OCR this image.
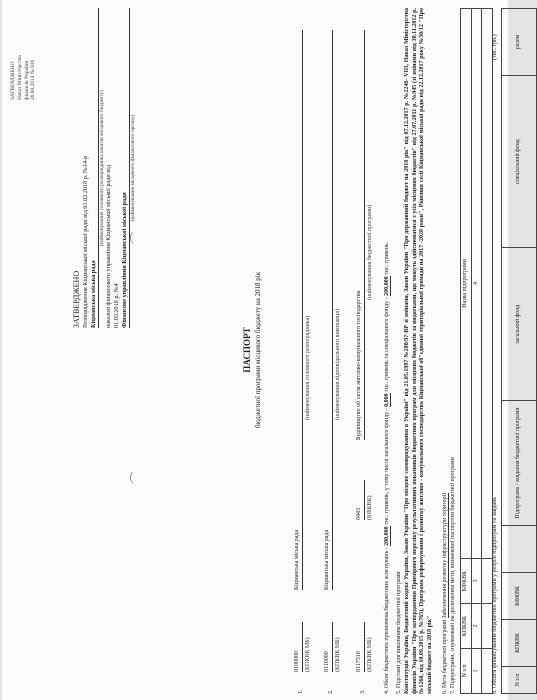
ЗАТВЕРДЖЕНО Наказ Міністерства фінансів України 26.08.2014 № 836
ЗАТВЕРДЖЕНО Розпорядження Кіцманської міської ради від 01.02.2018 р. №14-р Кіцманська міська рада
(найменування головного розпорядника коштів місцевого бюджету) наказом фінансового управління Кіцманської міської ради від 01.02.2018 р. №4 Фінансове управління Кіцманської міської ради
(найменування місцевого фінансового органу)
ПАСПОРТ бюджетної програми місцевого бюджету на 2018 рік
1.
0100000
Кіцманська міська рада
(КПКВК МБ)
(найменування головного розпорядника)
2.
0110000
Кіцманська міська рада
(КПКВК МБ)
(найменування відповідального виконавця)
3.
0117310
0443
Будівництво об`єктів житлово-комунального господарства
(КПКВК МБ)
(КФКВК)
(найменування бюджетної програми)
4. Обсяг бюджетних призначень/бюджетних асигнувань - 200,000 тис. гривень, у тому числі загального фонду - 0,000 тис. гривень та спеціального фонду - 200,000 тис. гривень.
5. Підстави для виконання бюджетної програми Конституція України, Бюджетний кодекс України, Закон України "Про місцеве самоврядування в Україні" від 21.05.1997 №280/97-ВР зі змінами, Закон України "Про державний бюджет на 2018 рік" від 07.12.2017 р. №2246- VIII, Наказ Міністерства фінансів України "Про затвердження Примірного переліку результативних показників бюджетних програм для місцевих бюджетів за видатками, що можуть здійснюватися з усіх місцевих бюджетів" від 27.07.2011 р. №945 (зі змінами від 30.11.2012 р. №1260, від 10.09.2015 р. №765), Програма реформування і розвитку житлово - комунального господарства Кіцманської об"єднаної територіальної громади на 2017 -2020 роки", Рішення сесії Кіцманської міської ради від 22.12.2017 року №30/12 "Про міський бюджет на 2018 рік" 6. Мета бюджетної програми Забезпечення розвитку інфраструктури території 7. Підпрограми, спрямовані на досягнення мети, визначеної паспортом бюджетної програми N з/п	КПКВК	КФКВК	Назва підпрограми
1	2	3	4

8. Обсяги фінансування бюджетної програми у розрізі підпрограм та завдань
(тис. грн.)
N з/п	КПКВК	КФКВК		Підпрограма / завдання бюджетної програми	загальний фонд	спеціальний фонд	разом
